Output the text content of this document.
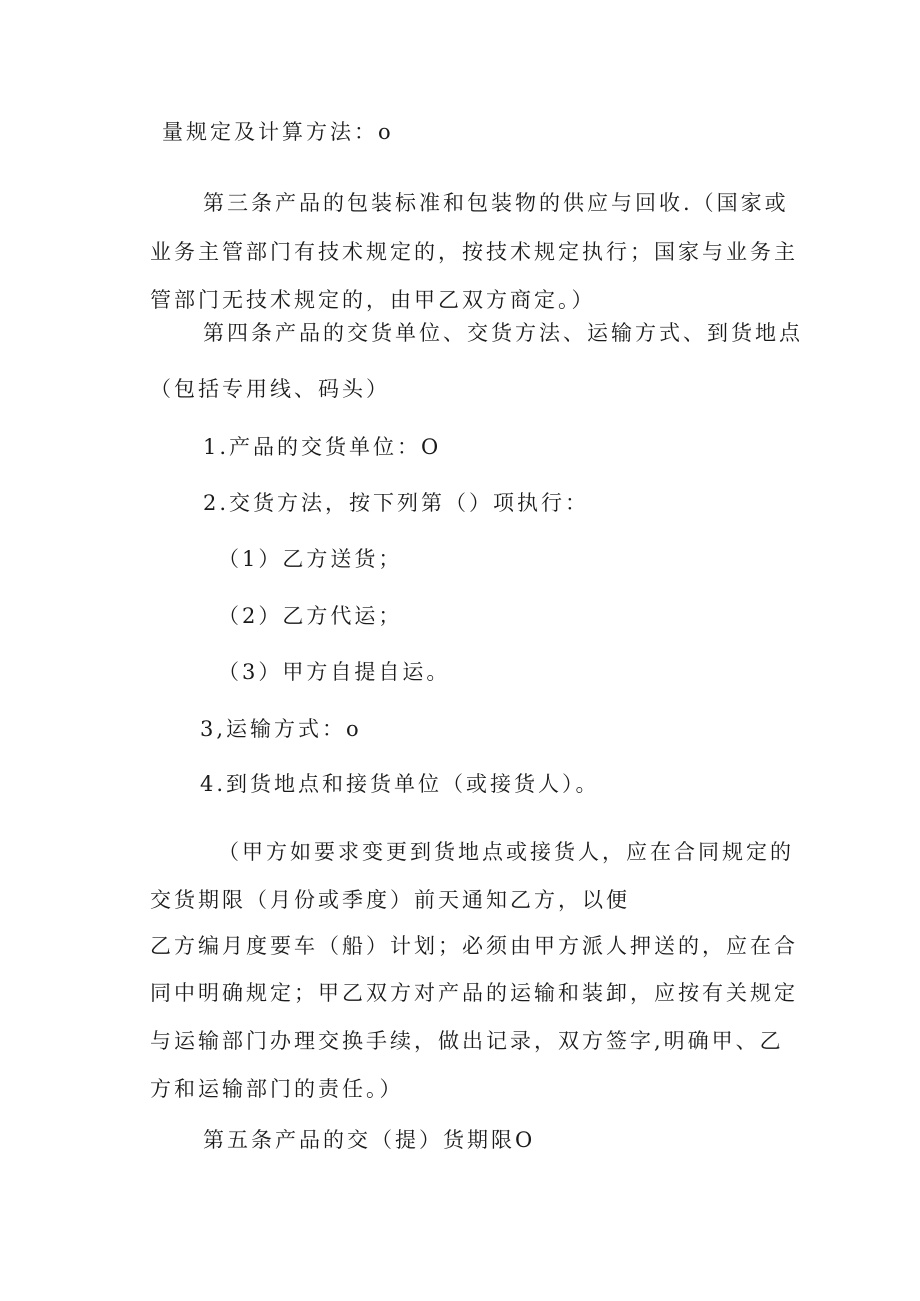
量规定及计算方法：o
第三条产品的包装标准和包装物的供应与回收.（国家或
业务主管部门有技术规定的，按技术规定执行；国家与业务主
管部门无技术规定的，由甲乙双方商定。）
第四条产品的交货单位、交货方法、运输方式、到货地点
（包括专用线、码头）
1.产品的交货单位：O
2.交货方法，按下列第（）项执行：
（1）乙方送货；
（2）乙方代运；
（3）甲方自提自运。
3,运输方式：o
4.到货地点和接货单位（或接货人）。
（甲方如要求变更到货地点或接货人，应在合同规定的
交货期限（月份或季度）前天通知乙方，以便
乙方编月度要车（船）计划；必须由甲方派人押送的，应在合
同中明确规定；甲乙双方对产品的运输和装卸，应按有关规定
与运输部门办理交换手续，做出记录，双方签字,明确甲、乙
方和运输部门的责任。）
第五条产品的交（提）货期限O
